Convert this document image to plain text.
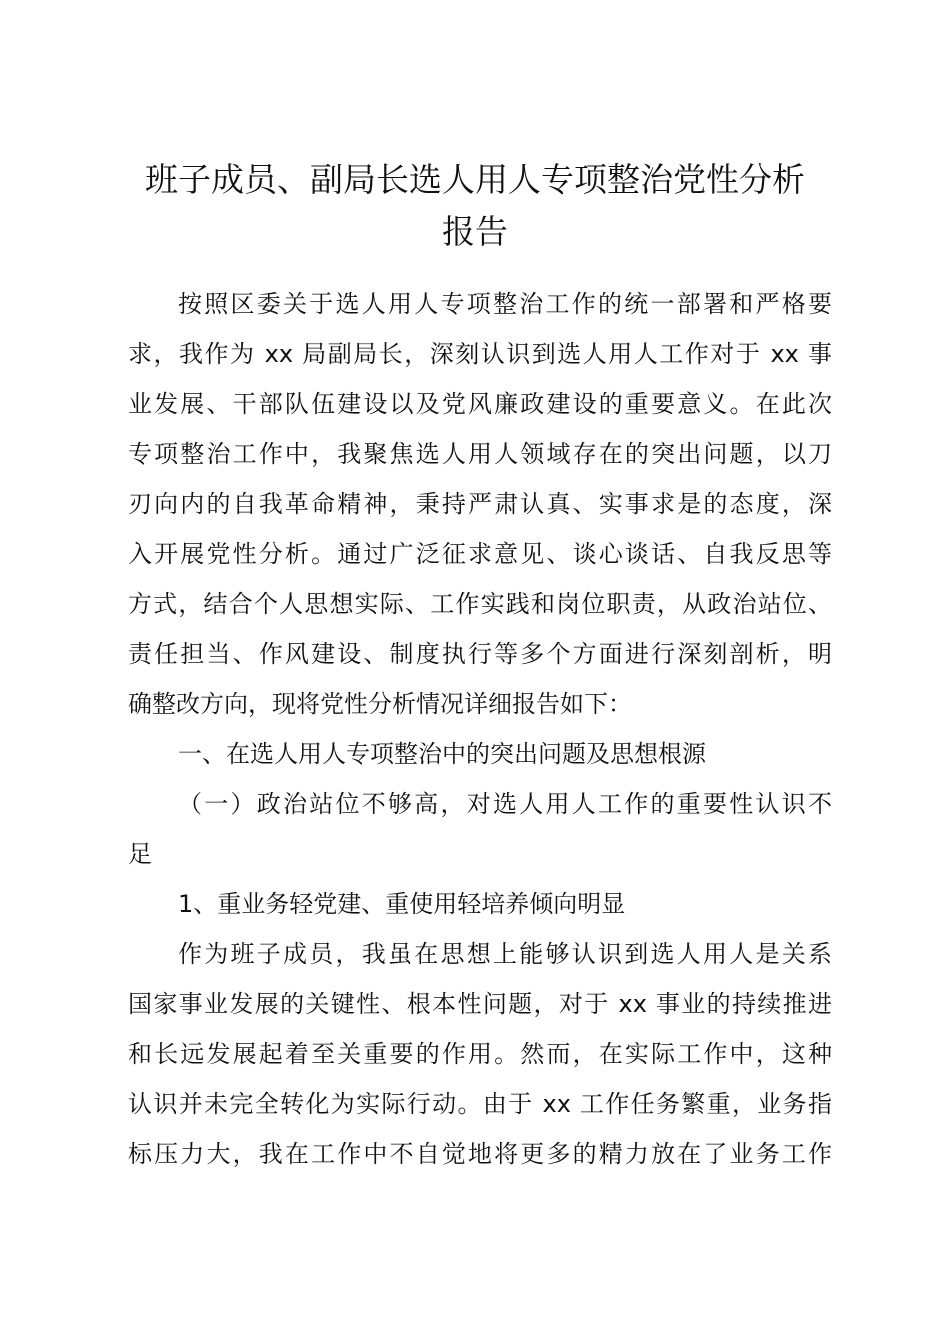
班子成员、副局长选人用人专项整治党性分析
报告

按照区委关于选人用人专项整治工作的统一部署和严格要

求，我作为 xx 局副局长，深刻认识到选人用人工作对于 xx 事

业发展、干部队伍建设以及党风廉政建设的重要意义。在此次

专项整治工作中，我聚焦选人用人领域存在的突出问题，以刀

刃向内的自我革命精神，秉持严肃认真、实事求是的态度，深

入开展党性分析。通过广泛征求意见、谈心谈话、自我反思等

方式，结合个人思想实际、工作实践和岗位职责，从政治站位、

责任担当、作风建设、制度执行等多个方面进行深刻剖析，明

确整改方向，现将党性分析情况详细报告如下：

一、在选人用人专项整治中的突出问题及思想根源

（一）政治站位不够高，对选人用人工作的重要性认识不

足

1、重业务轻党建、重使用轻培养倾向明显

作为班子成员，我虽在思想上能够认识到选人用人是关系

国家事业发展的关键性、根本性问题，对于 xx 事业的持续推进

和长远发展起着至关重要的作用。然而，在实际工作中，这种

认识并未完全转化为实际行动。由于 xx 工作任务繁重，业务指

标压力大，我在工作中不自觉地将更多的精力放在了业务工作
